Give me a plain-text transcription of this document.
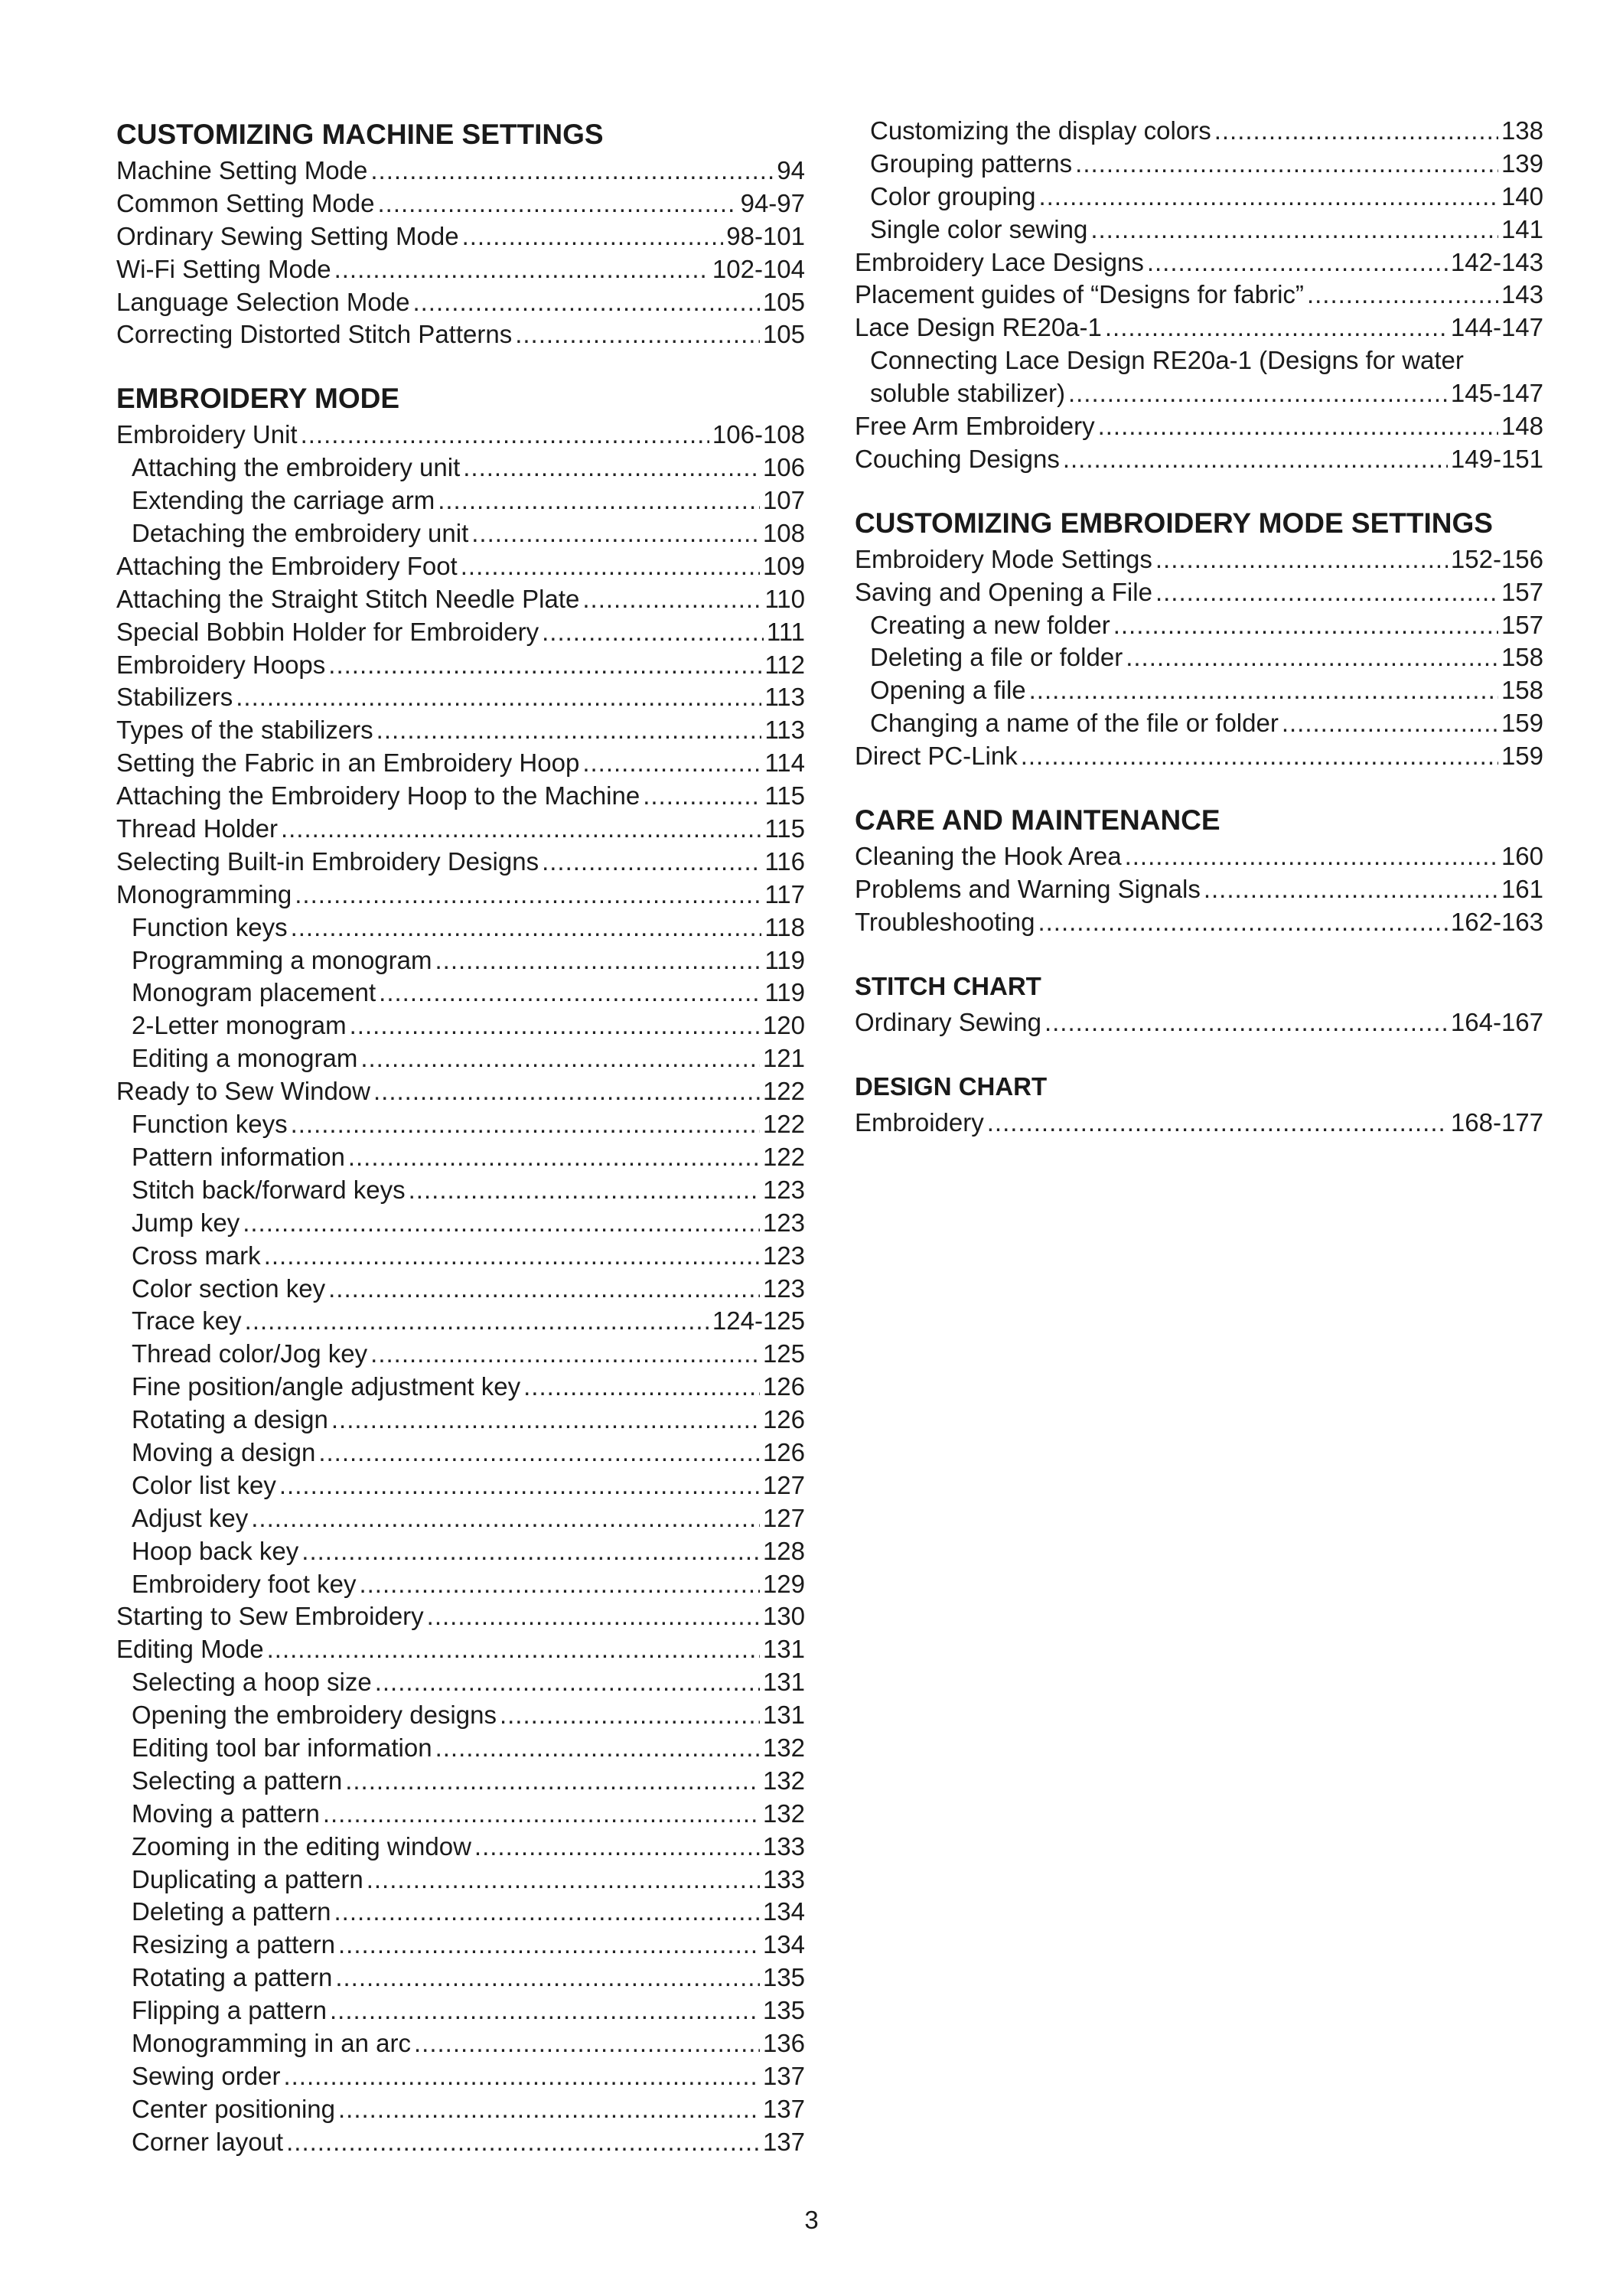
CUSTOMIZING MACHINE SETTINGS
Machine Setting Mode .....	94
Common Setting Mode .....	94-97
Ordinary Sewing Setting Mode .....	98-101
Wi-Fi Setting Mode .....	102-104
Language Selection Mode .....	105
Correcting Distorted Stitch Patterns .....	105
EMBROIDERY MODE
Embroidery Unit .....	106-108
Attaching the embroidery unit .....	106
Extending the carriage arm .....	107
Detaching the embroidery unit .....	108
Attaching the Embroidery Foot .....	109
Attaching the Straight Stitch Needle Plate .....	110
Special Bobbin Holder for Embroidery .....	111
Embroidery Hoops .....	112
Stabilizers .....	113
Types of the stabilizers .....	113
Setting the Fabric in an Embroidery Hoop .....	114
Attaching the Embroidery Hoop to the Machine .....	115
Thread Holder .....	115
Selecting Built-in Embroidery Designs .....	116
Monogramming .....	117
Function keys .....	118
Programming a monogram .....	119
Monogram placement .....	119
2-Letter monogram .....	120
Editing a monogram .....	121
Ready to Sew Window .....	122
Function keys .....	122
Pattern information .....	122
Stitch back/forward keys .....	123
Jump key .....	123
Cross mark .....	123
Color section key .....	123
Trace key .....	124-125
Thread color/Jog key .....	125
Fine position/angle adjustment key .....	126
Rotating a design .....	126
Moving a design .....	126
Color list key .....	127
Adjust key .....	127
Hoop back key .....	128
Embroidery foot key .....	129
Starting to Sew Embroidery .....	130
Editing Mode .....	131
Selecting a hoop size .....	131
Opening the embroidery designs .....	131
Editing tool bar information .....	132
Selecting a pattern .....	132
Moving a pattern .....	132
Zooming in the editing window .....	133
Duplicating a pattern .....	133
Deleting a pattern .....	134
Resizing a pattern .....	134
Rotating a pattern .....	135
Flipping a pattern .....	135
Monogramming in an arc .....	136
Sewing order .....	137
Center positioning .....	137
Corner layout .....	137
Customizing the display colors .....	138
Grouping patterns .....	139
Color grouping .....	140
Single color sewing .....	141
Embroidery Lace Designs .....	142-143
Placement guides of “Designs for fabric” .....	143
Lace Design RE20a-1 .....	144-147
Connecting Lace Design RE20a-1 (Designs for water
soluble stabilizer) .....	145-147
Free Arm Embroidery .....	148
Couching Designs .....	149-151
CUSTOMIZING EMBROIDERY MODE SETTINGS
Embroidery Mode Settings .....	152-156
Saving and Opening a File .....	157
Creating a new folder .....	157
Deleting a file or folder .....	158
Opening a file .....	158
Changing a name of the file or folder .....	159
Direct PC-Link .....	159
CARE AND MAINTENANCE
Cleaning the Hook Area .....	160
Problems and Warning Signals .....	161
Troubleshooting .....	162-163
STITCH CHART
Ordinary Sewing .....	164-167
DESIGN CHART
Embroidery .....	168-177
3
